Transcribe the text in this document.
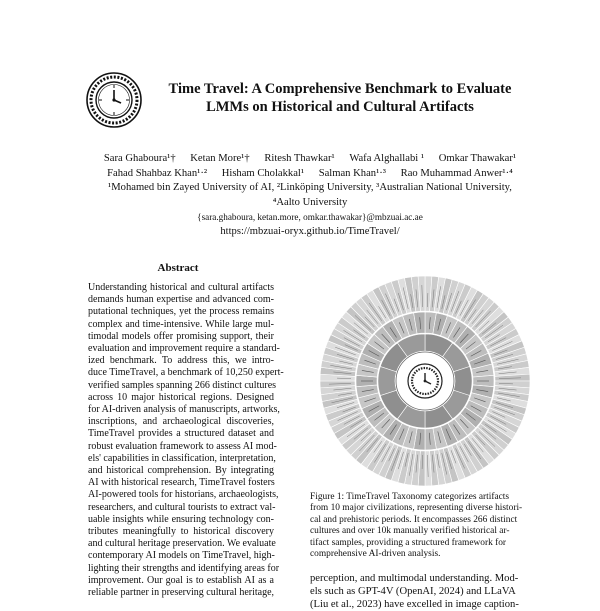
Time Travel: A Comprehensive Benchmark to Evaluate
LMMs on Historical and Cultural Artifacts
Sara Ghaboura¹† Ketan More¹† Ritesh Thawkar¹ Wafa Alghallabi ¹ Omkar Thawakar¹
Fahad Shahbaz Khan¹·² Hisham Cholakkal¹ Salman Khan¹·³ Rao Muhammad Anwer¹·⁴
¹Mohamed bin Zayed University of AI, ²Linköping University, ³Australian National University,
⁴Aalto University
{sara.ghaboura, ketan.more, omkar.thawakar}@mbzuai.ac.ae
https://mbzuai-oryx.github.io/TimeTravel/
Abstract
Understanding historical and cultural artifacts
demands human expertise and advanced com-
putational techniques, yet the process remains
complex and time-intensive. While large mul-
timodal models offer promising support, their
evaluation and improvement require a standard-
ized benchmark. To address this, we intro-
duce TimeTravel, a benchmark of 10,250 expert-
verified samples spanning 266 distinct cultures
across 10 major historical regions. Designed
for AI-driven analysis of manuscripts, artworks,
inscriptions, and archaeological discoveries,
TimeTravel provides a structured dataset and
robust evaluation framework to assess AI mod-
els' capabilities in classification, interpretation,
and historical comprehension. By integrating
AI with historical research, TimeTravel fosters
AI-powered tools for historians, archaeologists,
researchers, and cultural tourists to extract val-
uable insights while ensuring technology con-
tributes meaningfully to historical discovery
and cultural heritage preservation. We evaluate
contemporary AI models on TimeTravel, high-
lighting their strengths and identifying areas for
improvement. Our goal is to establish AI as a
reliable partner in preserving cultural heritage,
Figure 1: TimeTravel Taxonomy categorizes artifacts
from 10 major civilizations, representing diverse histori-
cal and prehistoric periods. It encompasses 266 distinct
cultures and over 10k manually verified historical ar-
tifact samples, providing a structured framework for
comprehensive AI-driven analysis.
perception, and multimodal understanding. Mod-
els such as GPT-4V (OpenAI, 2024) and LLaVA
(Liu et al., 2023) have excelled in image caption-
